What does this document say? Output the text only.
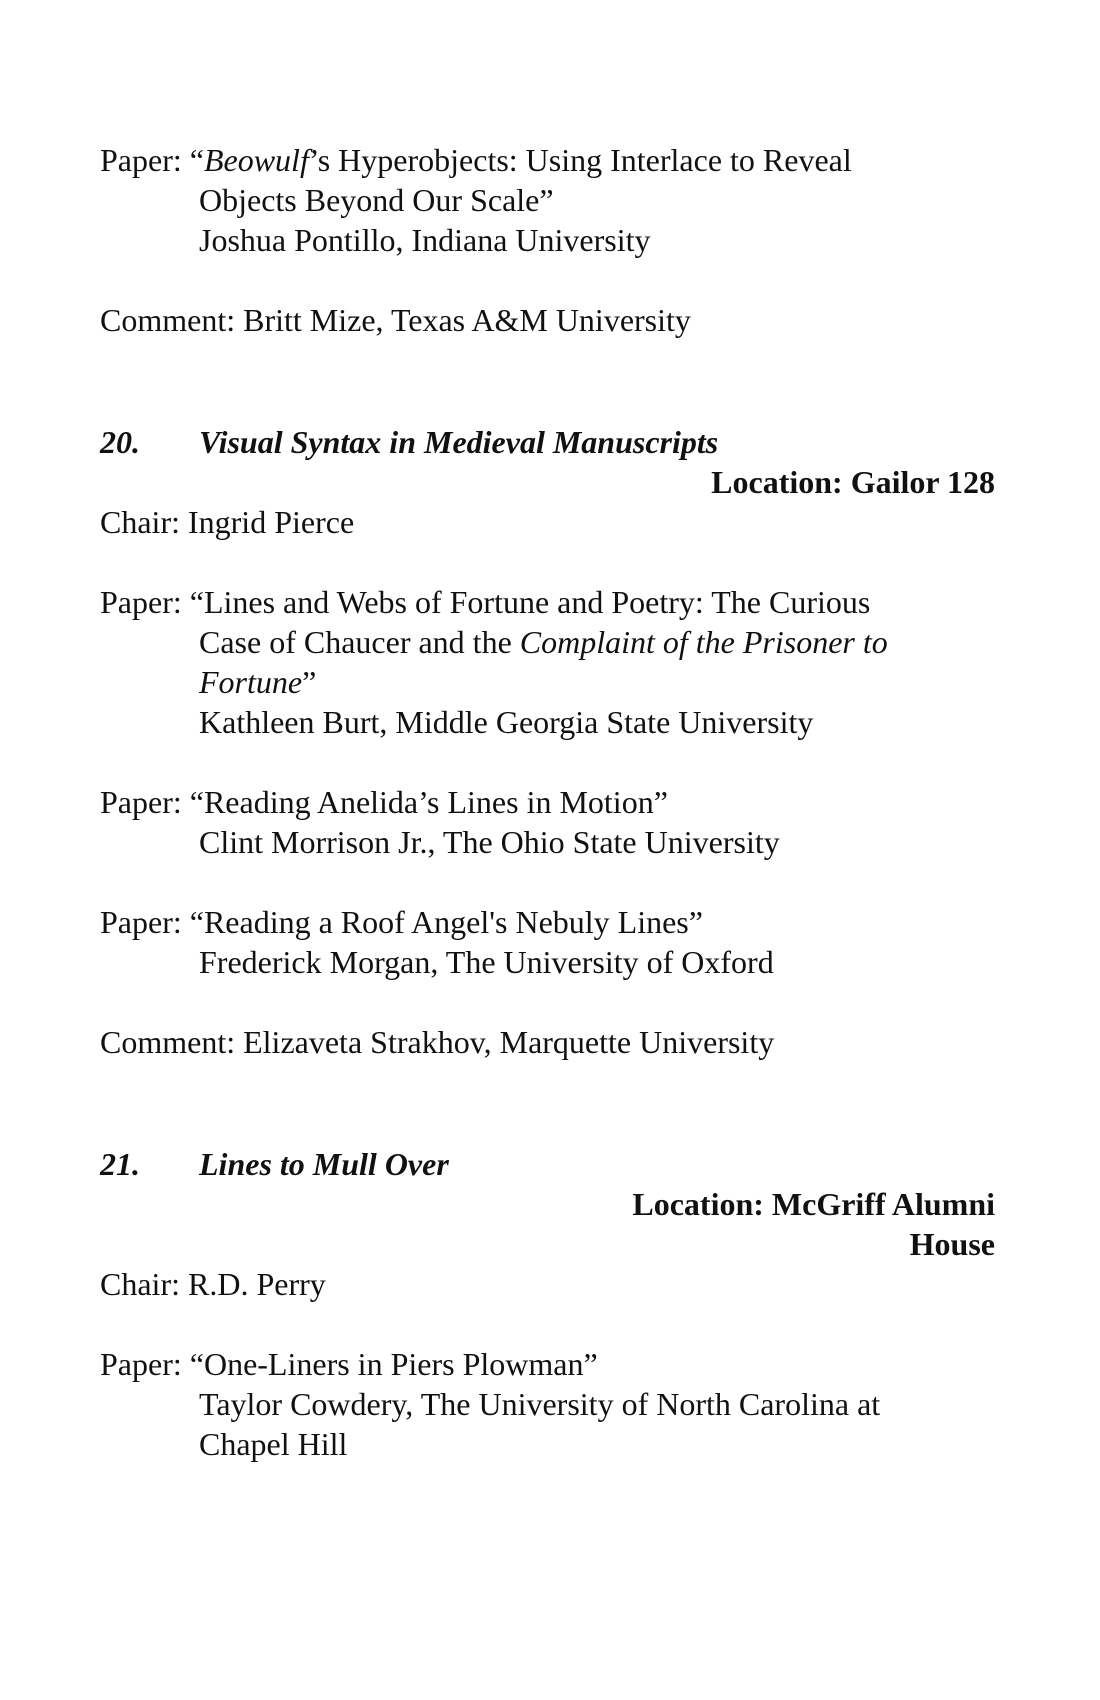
Paper: “Beowulf’s Hyperobjects: Using Interlace to Reveal
Objects Beyond Our Scale”
Joshua Pontillo, Indiana University
Comment: Britt Mize, Texas A&M University
20. Visual Syntax in Medieval Manuscripts
Location: Gailor 128
Chair: Ingrid Pierce
Paper: “Lines and Webs of Fortune and Poetry: The Curious
Case of Chaucer and the Complaint of the Prisoner to
Fortune”
Kathleen Burt, Middle Georgia State University
Paper: “Reading Anelida’s Lines in Motion”
Clint Morrison Jr., The Ohio State University
Paper: “Reading a Roof Angel's Nebuly Lines”
Frederick Morgan, The University of Oxford
Comment: Elizaveta Strakhov, Marquette University
21. Lines to Mull Over
Location: McGriff Alumni
House
Chair: R.D. Perry
Paper: “One-Liners in Piers Plowman”
Taylor Cowdery, The University of North Carolina at
Chapel Hill
